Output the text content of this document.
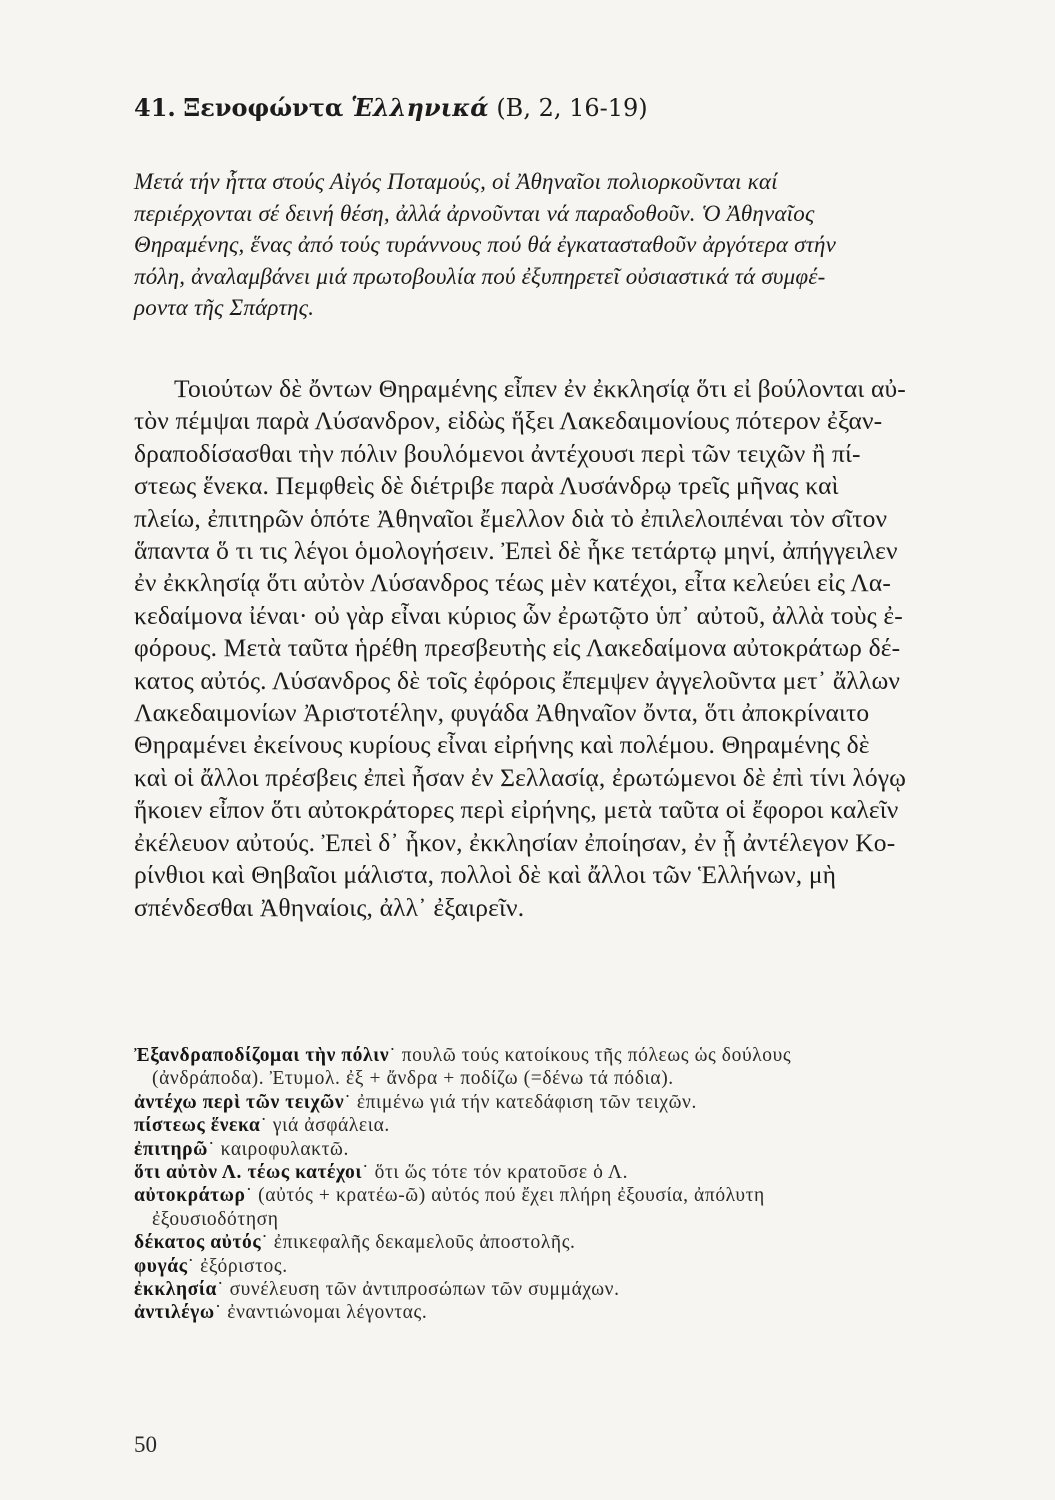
41. Ξενοφώντα Ἑλληνικά (Β, 2, 16-19)
Μετά τήν ἧττα στούς Αἰγός Ποταμούς, οἱ Ἀθηναῖοι πολιορκοῦνται καί
περιέρχονται σέ δεινή θέση, ἀλλά ἀρνοῦνται νά παραδοθοῦν. Ὁ Ἀθηναῖος
Θηραμένης, ἕνας ἀπό τούς τυράννους πού θά ἐγκατασταθοῦν ἀργότερα στήν
πόλη, ἀναλαμβάνει μιά πρωτοβουλία πού ἐξυπηρετεῖ οὐσιαστικά τά συμφέ-
ροντα τῆς Σπάρτης.
Τοιούτων δὲ ὄντων Θηραμένης εἶπεν ἐν ἐκκλησίᾳ ὅτι εἰ βούλονται αὐ-
τὸν πέμψαι παρὰ Λύσανδρον, εἰδὼς ἥξει Λακεδαιμονίους πότερον ἐξαν-
δραποδίσασθαι τὴν πόλιν βουλόμενοι ἀντέχουσι περὶ τῶν τειχῶν ἢ πί-
στεως ἕνεκα. Πεμφθεὶς δὲ διέτριβε παρὰ Λυσάνδρῳ τρεῖς μῆνας καὶ
πλείω, ἐπιτηρῶν ὁπότε Ἀθηναῖοι ἔμελλον διὰ τὸ ἐπιλελοιπέναι τὸν σῖτον
ἅπαντα ὅ τι τις λέγοι ὁμολογήσειν. Ἐπεὶ δὲ ἧκε τετάρτῳ μηνί, ἀπήγγειλεν
ἐν ἐκκλησίᾳ ὅτι αὐτὸν Λύσανδρος τέως μὲν κατέχοι, εἶτα κελεύει εἰς Λα-
κεδαίμονα ἰέναι· οὐ γὰρ εἶναι κύριος ὧν ἐρωτῷτο ὑπ᾽ αὐτοῦ, ἀλλὰ τοὺς ἐ-
φόρους. Μετὰ ταῦτα ἡρέθη πρεσβευτὴς εἰς Λακεδαίμονα αὐτοκράτωρ δέ-
κατος αὐτός. Λύσανδρος δὲ τοῖς ἐφόροις ἔπεμψεν ἀγγελοῦντα μετ᾽ ἄλλων
Λακεδαιμονίων Ἀριστοτέλην, φυγάδα Ἀθηναῖον ὄντα, ὅτι ἀποκρίναιτο
Θηραμένει ἐκείνους κυρίους εἶναι εἰρήνης καὶ πολέμου. Θηραμένης δὲ
καὶ οἱ ἄλλοι πρέσβεις ἐπεὶ ἦσαν ἐν Σελλασίᾳ, ἐρωτώμενοι δὲ ἐπὶ τίνι λόγῳ
ἥκοιεν εἶπον ὅτι αὐτοκράτορες περὶ εἰρήνης, μετὰ ταῦτα οἱ ἔφοροι καλεῖν
ἐκέλευον αὐτούς. Ἐπεὶ δ᾽ ἧκον, ἐκκλησίαν ἐποίησαν, ἐν ᾗ ἀντέλεγον Κο-
ρίνθιοι καὶ Θηβαῖοι μάλιστα, πολλοὶ δὲ καὶ ἄλλοι τῶν Ἑλλήνων, μὴ
σπένδεσθαι Ἀθηναίοις, ἀλλ᾽ ἐξαιρεῖν.
Ἐξανδραποδίζομαι τὴν πόλιν˙ πουλῶ τούς κατοίκους τῆς πόλεως ὡς δούλους
(ἀνδράποδα). Ἐτυμολ. ἐξ + ἄνδρα + ποδίζω (=δένω τά πόδια).
ἀντέχω περὶ τῶν τειχῶν˙ ἐπιμένω γιά τήν κατεδάφιση τῶν τειχῶν.
πίστεως ἕνεκα˙ γιά ἀσφάλεια.
ἐπιτηρῶ˙ καιροφυλακτῶ.
ὅτι αὐτὸν Λ. τέως κατέχοι˙ ὅτι ὥς τότε τόν κρατοῦσε ὁ Λ.
αὐτοκράτωρ˙ (αὐτός + κρατέω-ῶ) αὐτός πού ἔχει πλήρη ἐξουσία, ἀπόλυτη
ἐξουσιοδότηση
δέκατος αὐτός˙ ἐπικεφαλῆς δεκαμελοῦς ἀποστολῆς.
φυγάς˙ ἐξόριστος.
ἐκκλησία˙ συνέλευση τῶν ἀντιπροσώπων τῶν συμμάχων.
ἀντιλέγω˙ ἐναντιώνομαι λέγοντας.
50
